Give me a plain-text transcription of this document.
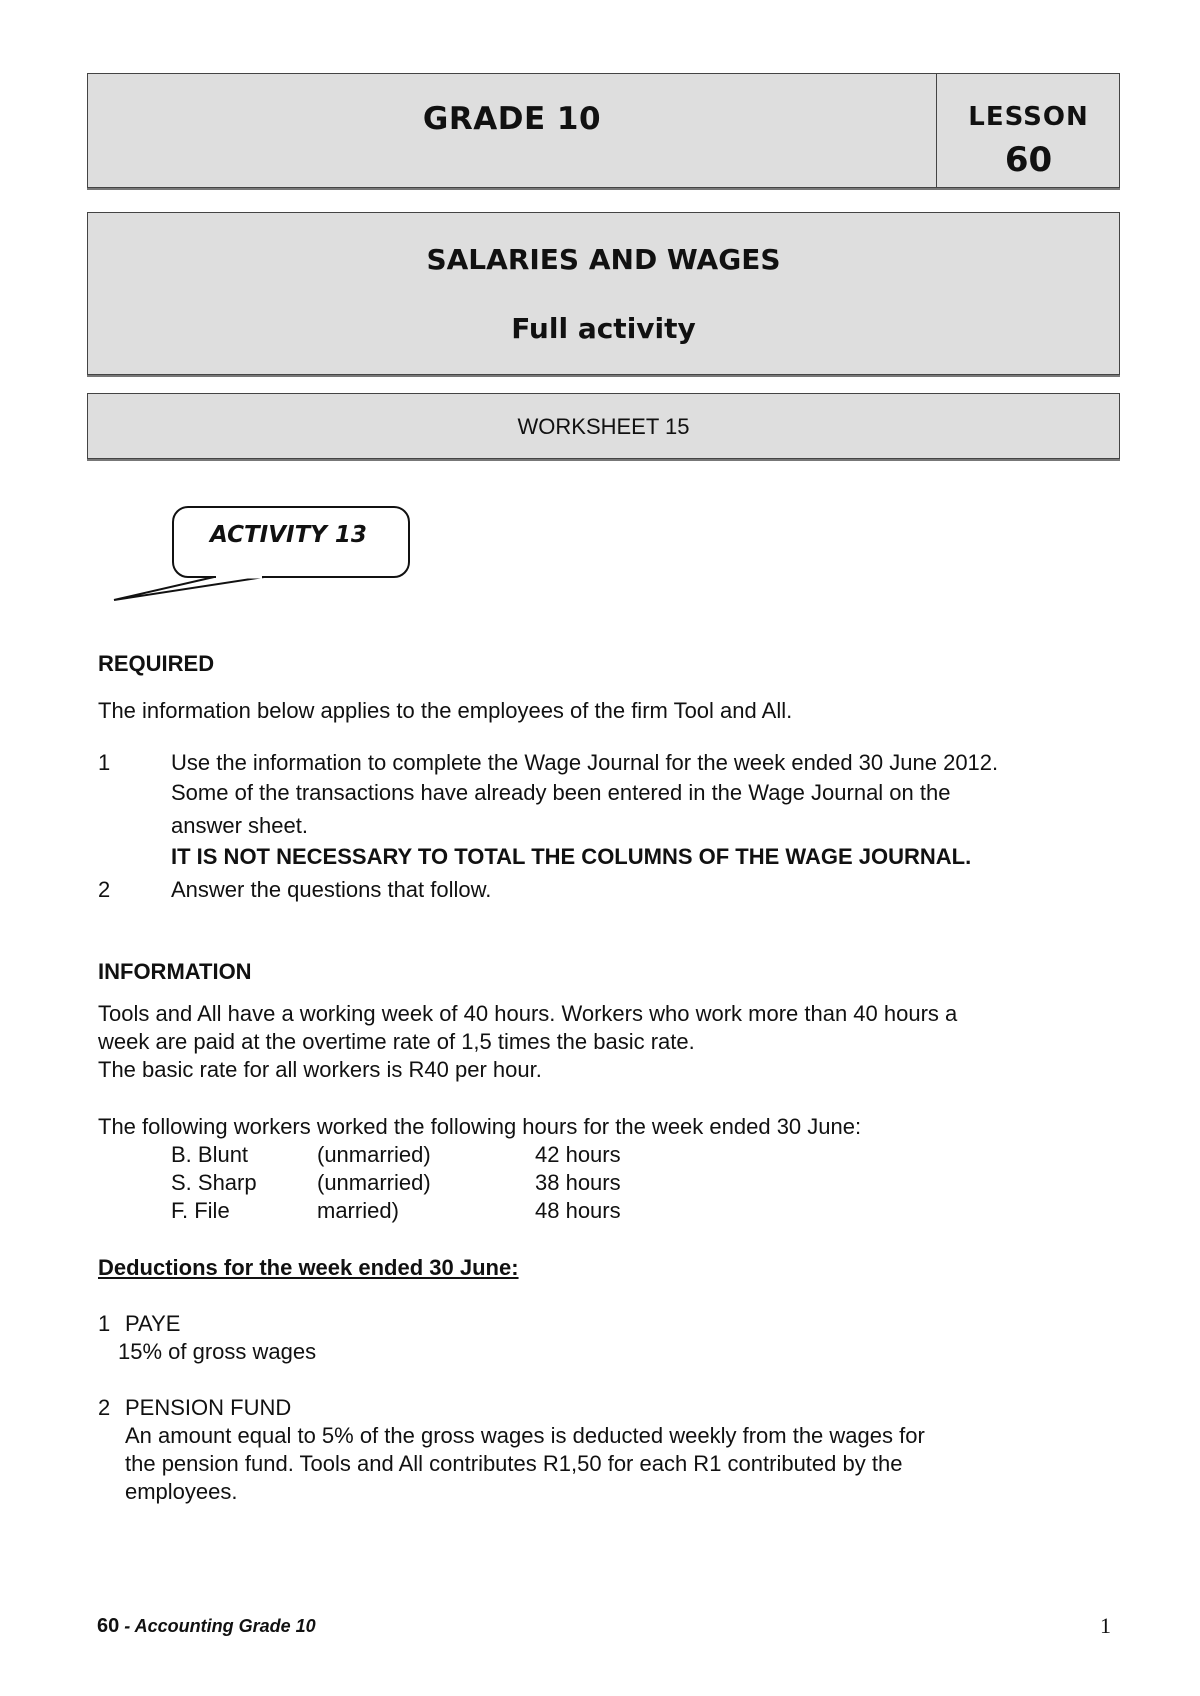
GRADE 10	LESSON
60
SALARIES AND WAGES
Full activity
WORKSHEET 15
ACTIVITY 13
REQUIRED
The information below applies to the employees of the firm Tool and All.
1	Use the information to complete the Wage Journal for the week ended 30 June 2012.
Some of the transactions have already been entered in the Wage Journal on the
answer sheet.
IT IS NOT NECESSARY TO TOTAL THE COLUMNS OF THE WAGE JOURNAL.
2	Answer the questions that follow.
INFORMATION
Tools and All have a working week of 40 hours. Workers who work more than 40 hours a
week are paid at the overtime rate of 1,5 times the basic rate.
The basic rate for all workers is R40 per hour.
The following workers worked the following hours for the week ended 30 June:
B. Blunt	(unmarried)	42 hours
S. Sharp	(unmarried)	38 hours
F. File	married)	48 hours
Deductions for the week ended 30 June:
1 PAYE
15% of gross wages
2 PENSION FUND
An amount equal to 5% of the gross wages is deducted weekly from the wages for
the pension fund. Tools and All contributes R1,50 for each R1 contributed by the
employees.
60 - Accounting Grade 10	1
